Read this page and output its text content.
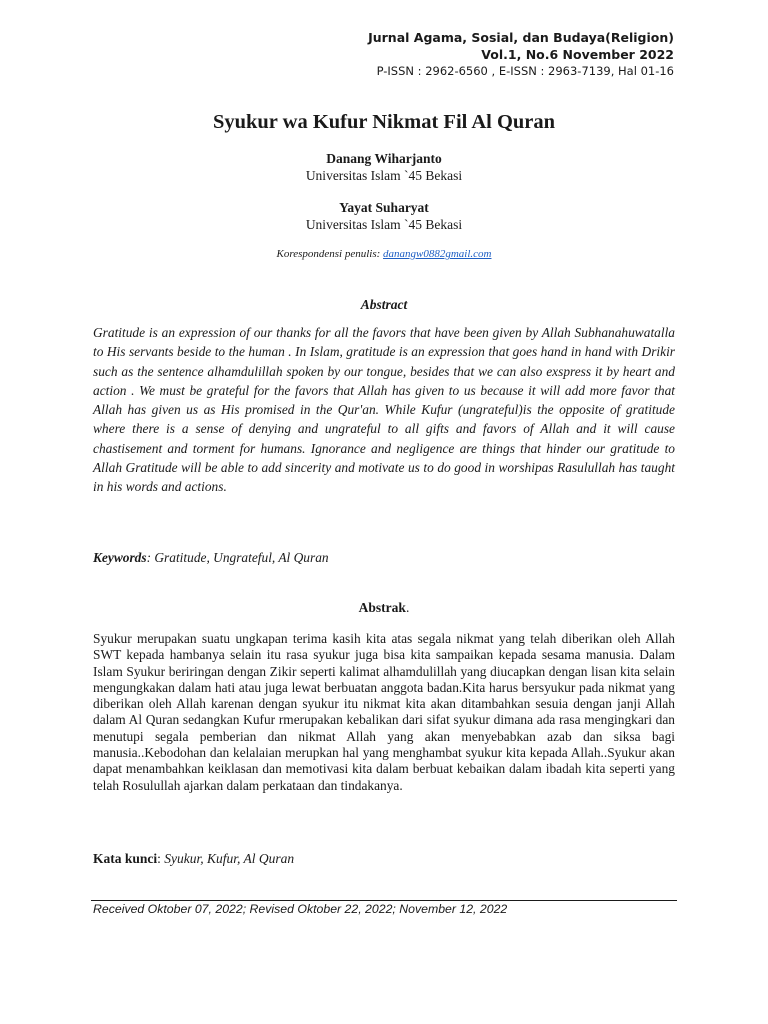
Jurnal Agama, Sosial, dan Budaya(Religion)
Vol.1, No.6 November 2022
P-ISSN : 2962-6560 , E-ISSN : 2963-7139, Hal 01-16
Syukur wa Kufur Nikmat Fil Al Quran
Danang Wiharjanto
Universitas Islam `45 Bekasi
Yayat Suharyat
Universitas Islam `45 Bekasi
Korespondensi penulis: danangw0882gmail.com
Abstract
Gratitude is an expression of our thanks for all the favors that have been given by Allah Subhanahuwatalla to His servants beside to the human . In Islam, gratitude is an expression that goes hand in hand with Drikir such as the sentence alhamdulillah spoken by our tongue, besides that we can also exspress it by heart and action . We must be grateful for the favors that Allah has given to us because it will add more favor that Allah has given us as His promised in the Qur'an. While Kufur (ungrateful)is the opposite of gratitude where there is a sense of denying and ungrateful to all gifts and favors of Allah and it will cause chastisement and torment for humans. Ignorance and negligence are things that hinder our gratitude to Allah Gratitude will be able to add sincerity and motivate us to do good in worshipas Rasulullah has taught in his words and actions.
Keywords: Gratitude, Ungrateful, Al Quran
Abstrak.
Syukur merupakan suatu ungkapan terima kasih kita atas segala nikmat yang telah diberikan oleh Allah SWT kepada hambanya selain itu rasa syukur juga bisa kita sampaikan kepada sesama manusia. Dalam Islam Syukur beriringan dengan Zikir seperti kalimat alhamdulillah yang diucapkan dengan lisan kita selain mengungkakan dalam hati atau juga lewat berbuatan anggota badan.Kita harus bersyukur pada nikmat yang diberikan oleh Allah karenan dengan syukur itu nikmat kita akan ditambahkan sesuia dengan janji Allah dalam Al Quran sedangkan Kufur rmerupakan kebalikan dari sifat syukur dimana ada rasa mengingkari dan menutupi segala pemberian dan nikmat Allah yang akan menyebabkan azab dan siksa bagi manusia..Kebodohan dan kelalaian merupkan hal yang menghambat syukur kita kepada Allah..Syukur akan dapat menambahkan keiklasan dan memotivasi kita dalam berbuat kebaikan dalam ibadah kita seperti yang telah Rosulullah ajarkan dalam perkataan dan tindakanya.
Kata kunci: Syukur, Kufur, Al Quran
Received Oktober 07, 2022; Revised Oktober 22, 2022; November 12, 2022
